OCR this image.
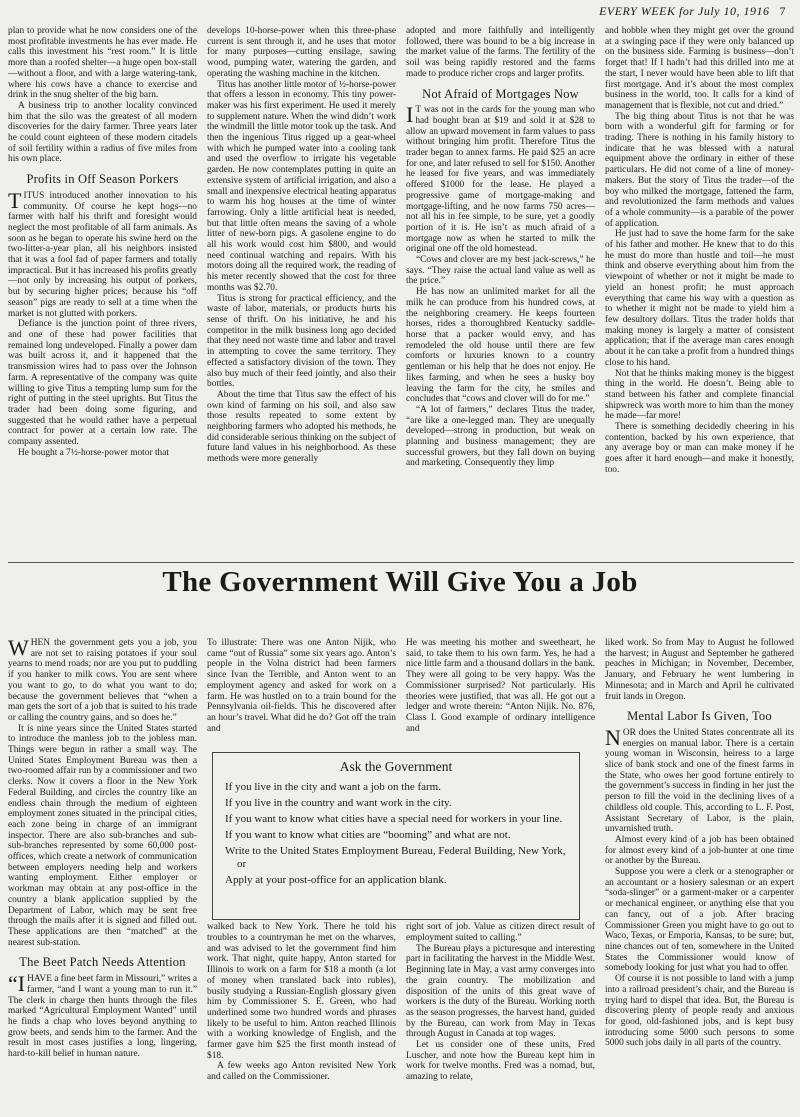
EVERY WEEK for July 10, 1916 7

plan to provide what he now considers one of the most profitable investments he has ever made. He calls this investment his “rest room.” It is little more than a roofed shelter—a huge open box-stall—without a floor, and with a large watering-tank, where his cows have a chance to exercise and drink in the snug shelter of the big barn.

A business trip to another locality convinced him that the silo was the greatest of all modern discoveries for the dairy farmer. Three years later he could count eighteen of these modern citadels of soil fertility within a radius of five miles from his own place.

Profits in Off Season Porkers

TITUS introduced another innovation to his community. Of course he kept hogs—no farmer with half his thrift and foresight would neglect the most profitable of all farm animals. As soon as he began to operate his swine herd on the two-litter-a-year plan, all his neighbors insisted that it was a fool fad of paper farmers and totally impractical. But it has increased his profits greatly—not only by increasing his output of porkers, but by securing higher prices; because his “off season” pigs are ready to sell at a time when the market is not glutted with porkers.

Defiance is the junction point of three rivers, and one of these had power facilities that remained long undeveloped. Finally a power dam was built across it, and it happened that the transmission wires had to pass over the Johnson farm. A representative of the company was quite willing to give Titus a tempting lump sum for the right of putting in the steel uprights. But Titus the trader had been doing some figuring, and suggested that he would rather have a perpetual contract for power at a certain low rate. The company assented.

He bought a 7½-horse-power motor that

develops 10-horse-power when this three-phase current is sent through it, and he uses that motor for many purposes—cutting ensilage, sawing wood, pumping water, watering the garden, and operating the washing machine in the kitchen.

Titus has another little motor of ½-horse-power that offers a lesson in economy. This tiny power-maker was his first experiment. He used it merely to supplement nature. When the wind didn’t work the windmill the little motor took up the task. And then the ingenious Titus rigged up a gear-wheel with which he pumped water into a cooling tank and used the overflow to irrigate his vegetable garden. He now contemplates putting in quite an extensive system of artificial irrigation, and also a small and inexpensive electrical heating apparatus to warm his hog houses at the time of winter farrowing. Only a little artificial heat is needed, but that little often means the saving of a whole litter of new-born pigs. A gasolene engine to do all his work would cost him $800, and would need continual watching and repairs. With his motors doing all the required work, the reading of his meter recently showed that the cost for three months was $2.70.

Titus is strong for practical efficiency, and the waste of labor, materials, or products hurts his sense of thrift. On his initiative, he and his competitor in the milk business long ago decided that they need not waste time and labor and travel in attempting to cover the same territory. They effected a satisfactory division of the town. They also buy much of their feed jointly, and also their bottles.

About the time that Titus saw the effect of his own kind of farming on his soil, and also saw those results repeated to some extent by neighboring farmers who adopted his methods, he did considerable serious thinking on the subject of future land values in his neighborhood. As these methods were more generally

adopted and more faithfully and intelligently followed, there was bound to be a big increase in the market value of the farms. The fertility of the soil was being rapidly restored and the farms made to produce richer crops and larger profits.

Not Afraid of Mortgages Now

I T was not in the cards for the young man who had bought bran at $19 and sold it at $28 to allow an upward movement in farm values to pass without bringing him profit. Therefore Titus the trader began to annex farms. He paid $25 an acre for one, and later refused to sell for $150. Another he leased for five years, and was immediately offered $1000 for the lease. He played a progressive game of mortgage-making and mortgage-lifting, and he now farms 750 acres—not all his in fee simple, to be sure, yet a goodly portion of it is. He isn’t as much afraid of a mortgage now as when he started to milk the original one off the old homestead.

“Cows and clover are my best jack-screws,” he says. “They raise the actual land value as well as the price.”

He has now an unlimited market for all the milk he can produce from his hundred cows, at the neighboring creamery. He keeps fourteen horses, rides a thoroughbred Kentucky saddle-horse that a packer would envy, and has remodeled the old house until there are few comforts or luxuries known to a country gentleman or his help that he does not enjoy. He likes farming, and when he sees a husky boy leaving the farm for the city, he smiles and concludes that “cows and clover will do for me.”

“A lot of farmers,” declares Titus the trader, “are like a one-legged man. They are unequally developed—strong in production, but weak on planning and business management; they are successful growers, but they fall down on buying and marketing. Consequently they limp

and hobble when they might get over the ground at a swinging pace if they were only balanced up on the business side. Farming is business—don’t forget that! If I hadn’t had this drilled into me at the start, I never would have been able to lift that first mortgage. And it’s about the most complex business in the world, too. It calls for a kind of management that is flexible, not cut and dried.”

The big thing about Titus is not that he was born with a wonderful gift for farming or for trading. There is nothing in his family history to indicate that he was blessed with a natural equipment above the ordinary in either of these particulars. He did not come of a line of money-makers. But the story of Titus the trader—of the boy who milked the mortgage, fattened the farm, and revolutionized the farm methods and values of a whole community—is a parable of the power of application.

He just had to save the home farm for the sake of his father and mother. He knew that to do this he must do more than hustle and toil—he must think and observe everything about him from the viewpoint of whether or not it might be made to yield an honest profit; he must approach everything that came his way with a question as to whether it might not be made to yield him a few desultory dollars. Titus the trader holds that making money is largely a matter of consistent application; that if the average man cares enough about it he can take a profit from a hundred things close to his hand.

Not that he thinks making money is the biggest thing in the world. He doesn’t. Being able to stand between his father and complete financial shipwreck was worth more to him than the money he made—far more!

There is something decidedly cheering in his contention, backed by his own experience, that any average boy or man can make money if he goes after it hard enough—and make it honestly, too.

The Government Will Give You a Job

WHEN the government gets you a job, you are not set to raising potatoes if your soul yearns to mend roads; nor are you put to puddling if you hanker to milk cows. You are sent where you want to go, to do what you want to do; because the government believes that “when a man gets the sort of a job that is suited to his trade or calling the country gains, and so does he.”

It is nine years since the United States started to introduce the manless job to the jobless man. Things were begun in rather a small way. The United States Employment Bureau was then a two-roomed affair run by a commissioner and two clerks. Now it covers a floor in the New York Federal Building, and circles the country like an endless chain through the medium of eighteen employment zones situated in the principal cities, each zone being in charge of an immigrant inspector. There are also sub-branches and sub-sub-branches represented by some 60,000 post-offices, which create a network of communication between employers needing help and workers wanting employment. Either employer or workman may obtain at any post-office in the country a blank application supplied by the Department of Labor, which may be sent free through the mails after it is signed and filled out. These applications are then “matched” at the nearest sub-station.

The Beet Patch Needs Attention

“IHAVE a fine beet farm in Missouri,” writes a farmer, “and I want a young man to run it.” The clerk in charge then hunts through the files marked “Agricultural Employment Wanted” until he finds a chap who loves beyond anything to grow beets, and sends him to the farmer. And the result in most cases justifies a long, lingering, hard-to-kill belief in human nature.

To illustrate: There was one Anton Nijik, who came “out of Russia” some six years ago. Anton’s people in the Volna district had been farmers since Ivan the Terrible, and Anton went to an employment agency and asked for work on a farm. He was hustled on to a train bound for the Pennsylvania oil-fields. This he discovered after an hour’s travel. What did he do? Got off the train and

walked back to New York. There he told his troubles to a countryman he met on the wharves, and was advised to let the government find him work. That night, quite happy, Anton started for Illinois to work on a farm for $18 a month (a lot of money when translated back into rubles), busily studying a Russian-English glossary given him by Commissioner S. E. Green, who had underlined some two hundred words and phrases likely to be useful to him. Anton reached Illinois with a working knowledge of English, and the farmer gave him $25 the first month instead of $18.

A few weeks ago Anton revisited New York and called on the Commissioner.

He was meeting his mother and sweetheart, he said, to take them to his own farm. Yes, he had a nice little farm and a thousand dollars in the bank. They were all going to be very happy. Was the Commissioner surprised? Not particularly. His theories were justified, that was all. He got out a ledger and wrote therein: “Anton Nijik. No. 876, Class I. Good example of ordinary intelligence and

right sort of job. Value as citizen direct result of employment suited to calling.”

The Bureau plays a picturesque and interesting part in facilitating the harvest in the Middle West. Beginning late in May, a vast army converges into the grain country. The mobilization and disposition of the units of this great wave of workers is the duty of the Bureau. Working north as the season progresses, the harvest hand, guided by the Bureau, can work from May in Texas through August in Canada at top wages.

Let us consider one of these units, Fred Luscher, and note how the Bureau kept him in work for twelve months. Fred was a nomad, but, amazing to relate,

liked work. So from May to August he followed the harvest; in August and September he gathered peaches in Michigan; in November, December, January, and February he went lumbering in Minnesota; and in March and April he cultivated fruit lands in Oregon.

Mental Labor Is Given, Too

NOR does the United States concentrate all its energies on manual labor. There is a certain young woman in Wisconsin, heiress to a large slice of bank stock and one of the finest farms in the State, who owes her good fortune entirely to the government’s success in finding in her just the person to fill the void in the declining lives of a childless old couple. This, according to L. F. Post, Assistant Secretary of Labor, is the plain, unvarnished truth.

Almost every kind of a job has been obtained for almost every kind of a job-hunter at one time or another by the Bureau.

Suppose you were a clerk or a stenographer or an accountant or a hosiery salesman or an expert “soda-slinger” or a garment-maker or a carpenter or mechanical engineer, or anything else that you can fancy, out of a job. After bracing Commissioner Green you might have to go out to Waco, Texas, or Emporia, Kansas, to be sure; but, nine chances out of ten, somewhere in the United States the Commissioner would know of somebody looking for just what you had to offer.

Of course it is not possible to land with a jump into a railroad president’s chair, and the Bureau is trying hard to dispel that idea. But, the Bureau is discovering plenty of people ready and anxious for good, old-fashioned jobs, and is kept busy introducing some 5000 such persons to some 5000 such jobs daily in all parts of the country.

Ask the Government
If you live in the city and want a job on the farm.
If you live in the country and want work in the city.
If you want to know what cities have a special need for workers in your line.
If you want to know what cities are “booming” and what are not.
Write to the United States Employment Bureau, Federal Building, New York, or
Apply at your post-office for an application blank.
